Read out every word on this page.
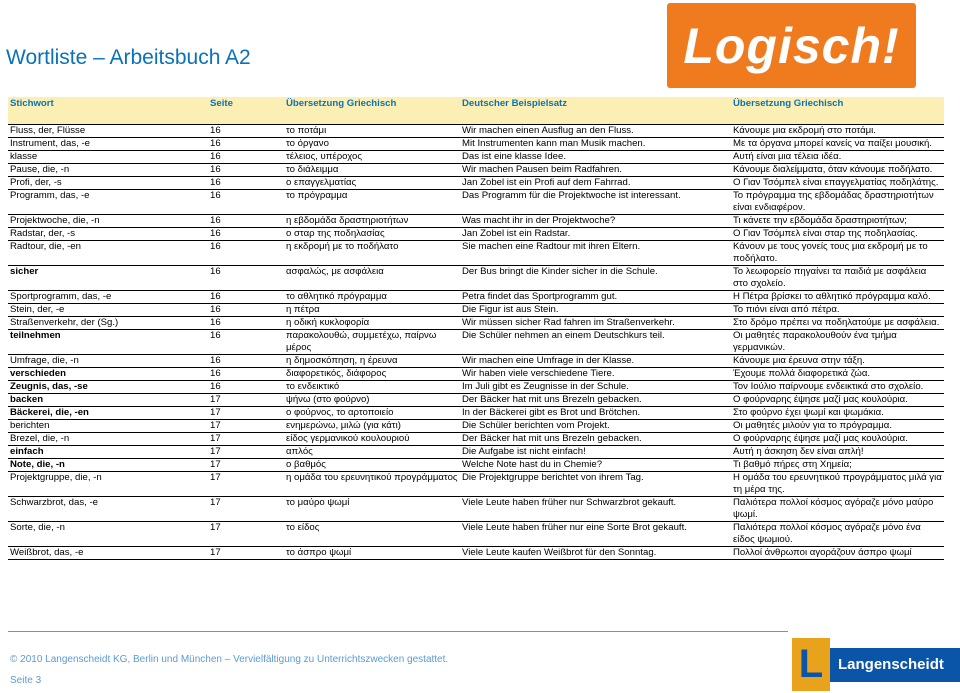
Wortliste – Arbeitsbuch A2	Logisch!
Stichwort	Seite	Übersetzung Griechisch	Deutscher Beispielsatz	Übersetzung Griechisch
Fluss, der, Flüsse	16	το ποτάμι	Wir machen einen Ausflug an den Fluss.	Κάνουμε μια εκδρομή στο ποτάμι.
Instrument, das, -e	16	το όργανο	Mit Instrumenten kann man Musik machen.	Με τα όργανα μπορεί κανείς να παίξει μουσική.
klasse	16	τέλειος, υπέροχος	Das ist eine klasse Idee.	Αυτή είναι μια τέλεια ιδέα.
Pause, die, -n	16	το διάλειμμα	Wir machen Pausen beim Radfahren.	Κάνουμε διαλείμματα, όταν κάνουμε ποδήλατο.
Profi, der, -s	16	ο επαγγελματίας	Jan Zobel ist ein Profi auf dem Fahrrad.	Ο Γιαν Τσόμπελ είναι επαγγελματίας ποδηλάτης.
Programm, das, -e	16	το πρόγραμμα	Das Programm für die Projektwoche ist interessant.	Το πρόγραμμα της εβδομάδας δραστηριοτήτων είναι ενδιαφέρον.
Projektwoche, die, -n	16	η εβδομάδα δραστηριοτήτων	Was macht ihr in der Projektwoche?	Τι κάνετε την εβδομάδα δραστηριοτήτων;
Radstar, der, -s	16	ο σταρ της ποδηλασίας	Jan Zobel ist ein Radstar.	Ο Γιαν Τσόμπελ είναι σταρ της ποδηλασίας.
Radtour, die, -en	16	η εκδρομή με το ποδήλατο	Sie machen eine Radtour mit ihren Eltern.	Κάνουν με τους γονείς τους μια εκδρομή με το ποδήλατο.
sicher	16	ασφαλώς, με ασφάλεια	Der Bus bringt die Kinder sicher in die Schule.	Το λεωφορείο πηγαίνει τα παιδιά με ασφάλεια στο σχολείο.
Sportprogramm, das, -e	16	το αθλητικό πρόγραμμα	Petra findet das Sportprogramm gut.	Η Πέτρα βρίσκει το αθλητικό πρόγραμμα καλό.
Stein, der, -e	16	η πέτρα	Die Figur ist aus Stein.	Το πιόνι είναι από πέτρα.
Straßenverkehr, der (Sg.)	16	η οδική κυκλοφορία	Wir müssen sicher Rad fahren im Straßenverkehr.	Στο δρόμο πρέπει να ποδηλατούμε με ασφάλεια.
teilnehmen	16	παρακολουθώ, συμμετέχω, παίρνω μέρος	Die Schüler nehmen an einem Deutschkurs teil.	Οι μαθητές παρακολουθούν ένα τμήμα γερμανικών.
Umfrage, die, -n	16	η δημοσκόπηση, η έρευνα	Wir machen eine Umfrage in der Klasse.	Κάνουμε μια έρευνα στην τάξη.
verschieden	16	διαφορετικός, διάφορος	Wir haben viele verschiedene Tiere.	Έχουμε πολλά διαφορετικά ζώα.
Zeugnis, das, -se	16	το ενδεικτικό	Im Juli gibt es Zeugnisse in der Schule.	Τον Ιούλιο παίρνουμε ενδεικτικά στο σχολείο.
backen	17	ψήνω (στο φούρνο)	Der Bäcker hat mit uns Brezeln gebacken.	Ο φούρναρης έψησε μαζί μας κουλούρια.
Bäckerei, die, -en	17	ο φούρνος, το αρτοποιείο	In der Bäckerei gibt es Brot und Brötchen.	Στο φούρνο έχει ψωμί και ψωμάκια.
berichten	17	ενημερώνω, μιλώ (για κάτι)	Die Schüler berichten vom Projekt.	Οι μαθητές μιλούν για το πρόγραμμα.
Brezel, die, -n	17	είδος γερμανικού κουλουριού	Der Bäcker hat mit uns Brezeln gebacken.	Ο φούρναρης έψησε μαζί μας κουλούρια.
einfach	17	απλός	Die Aufgabe ist nicht einfach!	Αυτή η άσκηση δεν είναι απλή!
Note, die, -n	17	ο βαθμός	Welche Note hast du in Chemie?	Τι βαθμό πήρες στη Χημεία;
Projektgruppe, die, -n	17	η ομάδα του ερευνητικού προγράμματος	Die Projektgruppe berichtet von ihrem Tag.	Η ομάδα του ερευνητικού προγράμματος μιλά για τη μέρα της.
Schwarzbrot, das, -e	17	το μαύρο ψωμί	Viele Leute haben früher nur Schwarzbrot gekauft.	Παλιότερα πολλοί κόσμος αγόραζε μόνο μαύρο ψωμί.
Sorte, die, -n	17	το είδος	Viele Leute haben früher nur eine Sorte Brot gekauft.	Παλιότερα πολλοί κόσμος αγόραζε μόνο ένα είδος ψωμιού.
Weißbrot, das, -e	17	το άσπρο ψωμί	Viele Leute kaufen Weißbrot für den Sonntag.	Πολλοί άνθρωποι αγοράζουν άσπρο ψωμί
© 2010 Langenscheidt KG, Berlin und München – Vervielfältigung zu Unterrichtszwecken gestattet.
Seite 3	L Langenscheidt
